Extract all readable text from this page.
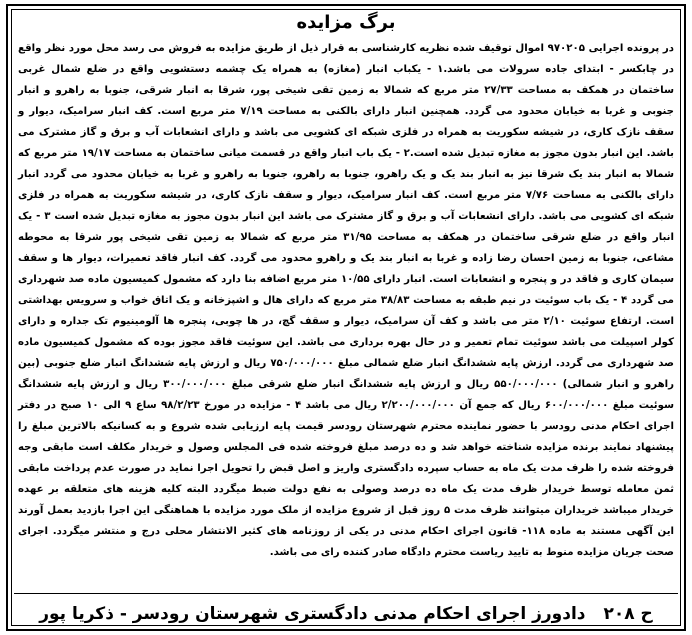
برگ مزایده

در پرونده اجرایی ۹۷۰۲۰۵ اموال توقیف شده نظریه کارشناسی به قرار ذیل از طریق مزایده به فروش می رسد محل مورد نظر واقع در چابکسر - ابتدای جاده سرولات می باشد.۱ - یکباب انبار (مغازه) به همراه یک چشمه دستشویی واقع در ضلع شمال غربی ساختمان در همکف به مساحت ۲۷/۳۳ متر مربع که شمالا به زمین تقی شیخی پور، شرقا به انبار شرقی، جنوبا به راهرو و انبار جنوبی و غربا به خیابان محدود می گردد. همچنین انبار دارای بالکنی به مساحت ۷/۱۹ متر مربع است. کف انبار سرامیک، دیوار و سقف نازک کاری، در شیشه سکوریت به همراه در فلزی شبکه ای کشویی می باشد و دارای انشعابات آب و برق و گاز مشترک می باشد. این انبار بدون مجوز به مغازه تبدیل شده است.۲ - یک باب انبار واقع در قسمت میانی ساختمان به مساحت ۱۹/۱۷ متر مربع که شمالا به انبار بند یک شرقا نیز به انبار بند یک و یک راهرو، جنوبا به راهرو، جنوبا به راهرو و غربا به خیابان محدود می گردد انبار دارای بالکنی به مساحت ۷/۷۶ متر مربع است. کف انبار سرامیک، دیوار و سقف نازک کاری، در شیشه سکوریت به همراه در فلزی شبکه ای کشویی می باشد. دارای انشعابات آب و برق و گاز مشترک می باشد این انبار بدون مجوز به مغازه تبدیل شده است ۳ - یک انبار واقع در ضلع شرقی ساختمان در همکف به مساحت ۳۱/۹۵ متر مربع که شمالا به زمین تقی شیخی پور شرقا به محوطه مشاعی، جنوبا به زمین احسان رضا زاده و غربا به انبار بند یک و راهرو محدود می گردد. کف انبار فاقد تعمیرات، دیوار ها و سقف سیمان کاری و فاقد در و پنجره و انشعابات است. انبار دارای ۱۰/۵۵ متر مربع اضافه بنا دارد که مشمول کمیسیون ماده صد شهرداری می گردد ۴ - یک باب سوئیت در نیم طبقه به مساحت ۳۸/۸۳ متر مربع که دارای هال و اشپزخانه و یک اتاق خواب و سرویس بهداشتی است. ارتفاع سوئیت ۲/۱۰ متر می باشد و کف آن سرامیک، دیوار و سقف گچ، در ها چوبی، پنجره ها آلومینیوم تک جداره و دارای کولر اسپیلت می باشد سوئیت تمام تعمیر و در حال بهره برداری می باشد. این سوئیت فاقد مجوز بوده که مشمول کمیسیون ماده صد شهرداری می گردد. ارزش پایه ششدانگ انبار ضلع شمالی مبلغ ۷۵۰/۰۰۰/۰۰۰ ریال و ارزش پایه ششدانگ انبار ضلع جنوبی (بین راهرو و انبار شمالی) ۵۵۰/۰۰۰/۰۰۰ ریال و ارزش پایه ششدانگ انبار ضلع شرقی مبلغ ۳۰۰/۰۰۰/۰۰۰ ریال و ارزش پایه ششدانگ سوئیت مبلغ ۶۰۰/۰۰۰/۰۰۰ ریال که جمع آن ۲/۲۰۰/۰۰۰/۰۰۰ ریال می باشد ۴ - مزایده در مورخ ۹۸/۲/۲۳ ساع ۹ الی ۱۰ صبح در دفتر اجرای احکام مدنی رودسر با حضور نماینده محترم شهرستان رودسر قیمت پایه ارزیابی شده شروع و به کسانیکه بالاترین مبلغ را پیشنهاد نمایند برنده مزایده شناخته خواهد شد و ده درصد مبلغ فروخته شده فی المجلس وصول و خریدار مکلف است مابقی وجه فروخته شده را ظرف مدت یک ماه به حساب سپرده دادگستری واریز و اصل قبض را تحویل اجرا نماید در صورت عدم پرداخت مابقی ثمن معامله توسط خریدار ظرف مدت یک ماه ده درصد وصولی به نفع دولت ضبط میگردد البته کلیه هزینه های متعلقه بر عهده خریدار میباشد خریداران میتوانند ظرف مدت ۵ روز قبل از شروع مزایده از ملک مورد مزایده با هماهنگی این اجرا بازدید بعمل آورند این آگهی مستند به ماده ۱۱۸- قانون اجرای احکام مدنی در یکی از روزنامه های کثیر الانتشار محلی درج و منتشر میگردد. اجرای صحت جریان مزایده منوط به تایید ریاست محترم دادگاه صادر کننده رای می باشد.

ح ۲۰۸ دادورز اجرای احکام مدنی دادگستری شهرستان رودسر - ذکریا پور
